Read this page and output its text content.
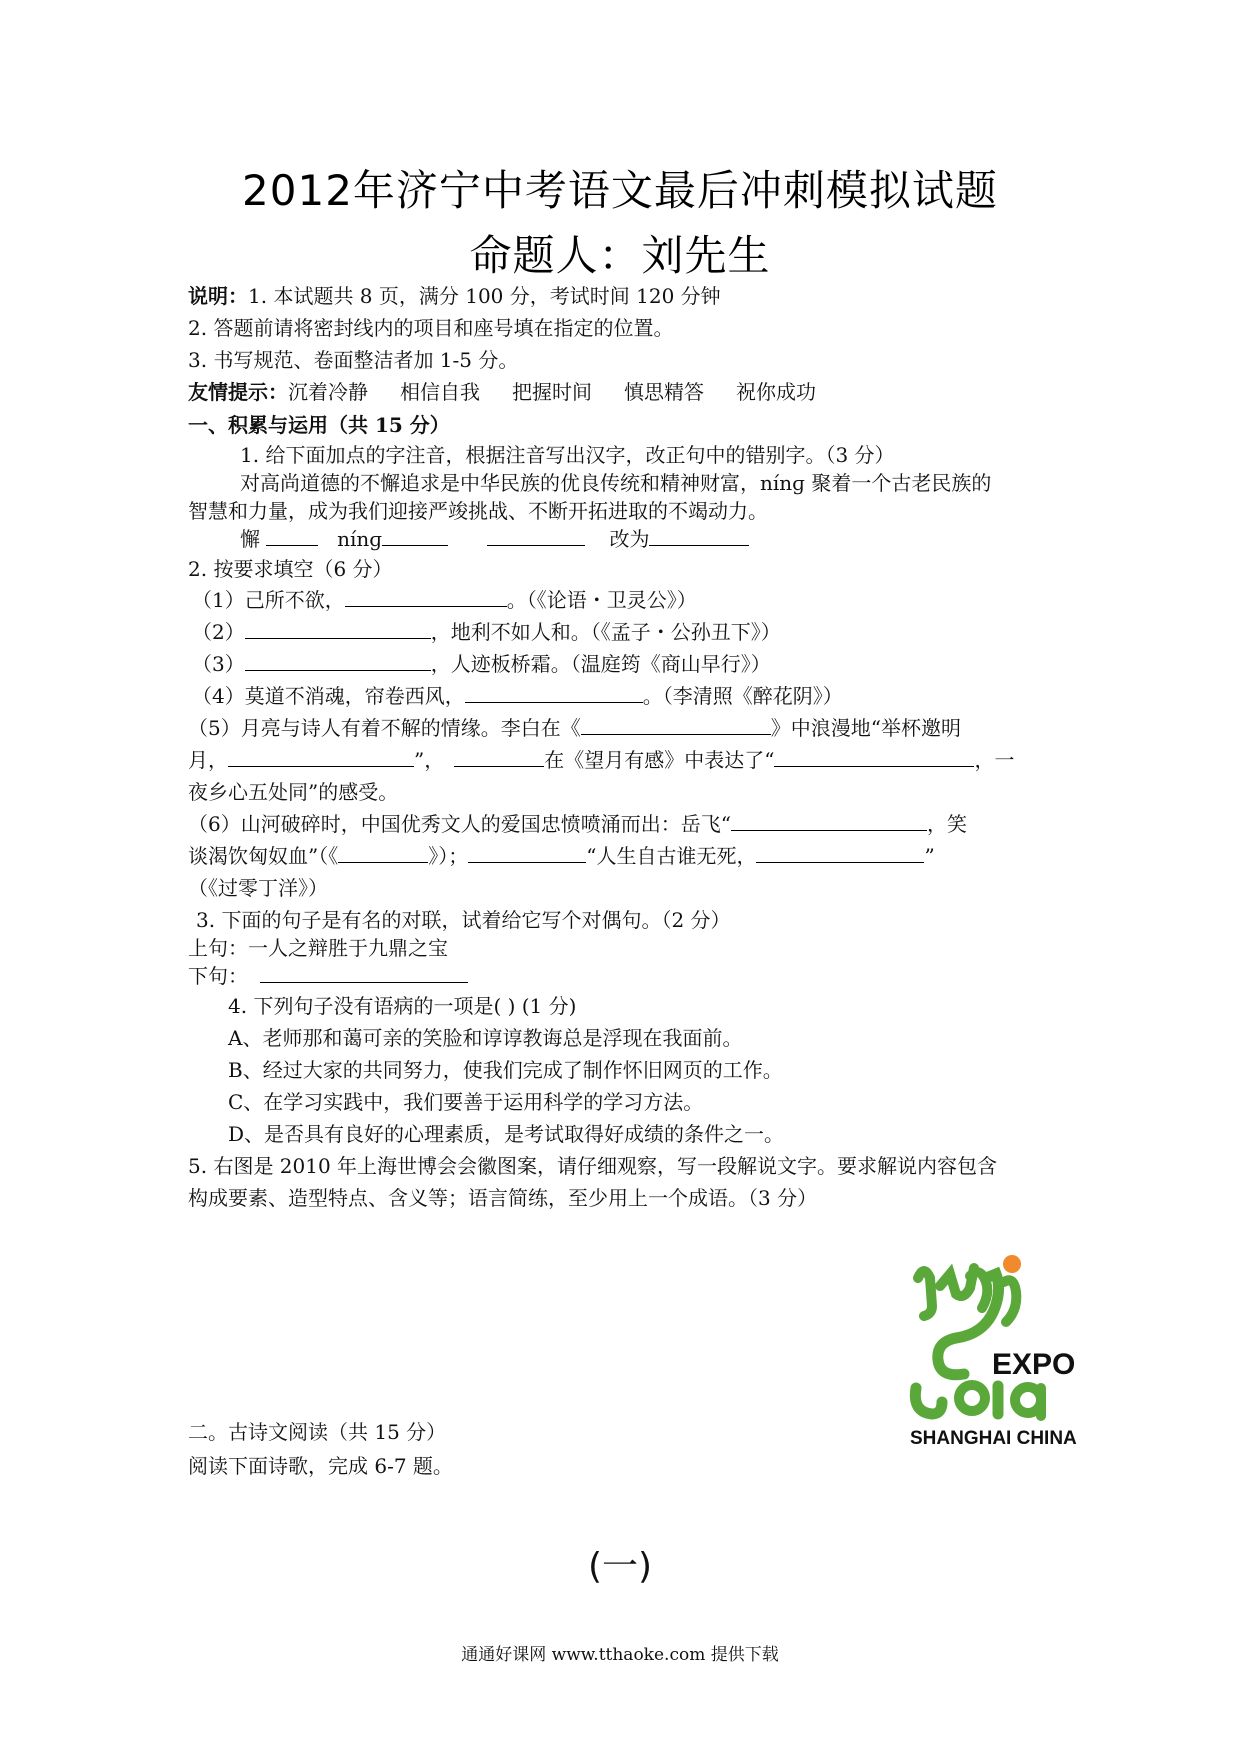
2012年济宁中考语文最后冲刺模拟试题
命题人：刘先生
说明：1. 本试题共 8 页，满分 100 分，考试时间 120 分钟
2. 答题前请将密封线内的项目和座号填在指定的位置。
3. 书写规范、卷面整洁者加 1-5 分。
友情提示：沉着冷静 相信自我 把握时间 慎思精答 祝你成功
一、积累与运用（共 15 分）
1. 给下面加点的字注音，根据注音写出汉字，改正句中的错别字。（3 分）
对高尚道德的不懈追求是中华民族的优良传统和精神财富，nínɡ 聚着一个古老民族的
智慧和力量，成为我们迎接严竣挑战、不断开拓进取的不竭动力。
懈	nínɡ	改为
2. 按要求填空（6 分）
（1）己所不欲，	。（《论语・卫灵公》）
（2）	，地利不如人和。（《孟子・公孙丑下》）
（3）	，人迹板桥霜。（温庭筠《商山早行》）
（4）莫道不消魂，帘卷西风，	。（李清照《醉花阴》）
（5）月亮与诗人有着不解的情缘。李白在《	》中浪漫地“举杯邀明
月，	”，	在《望月有感》中表达了“	，一
夜乡心五处同”的感受。
（6）山河破碎时，中国优秀文人的爱国忠愤喷涌而出：岳飞“	，笑
谈渴饮匈奴血”（《	》）；	“人生自古谁无死，	”
（《过零丁洋》）
3. 下面的句子是有名的对联，试着给它写个对偶句。（2 分）
上句：一人之辩胜于九鼎之宝
下句：
4. 下列句子没有语病的一项是( ) (1 分)
A、老师那和蔼可亲的笑脸和谆谆教诲总是浮现在我面前。
B、经过大家的共同努力，使我们完成了制作怀旧网页的工作。
C、在学习实践中，我们要善于运用科学的学习方法。
D、是否具有良好的心理素质，是考试取得好成绩的条件之一。
5. 右图是 2010 年上海世博会会徽图案，请仔细观察，写一段解说文字。要求解说内容包含
构成要素、造型特点、含义等；语言简练，至少用上一个成语。（3 分）
EXPO
SHANGHAI CHINA
二。古诗文阅读（共 15 分）
阅读下面诗歌，完成 6-7 题。
(一)
通通好课网 www.tthaoke.com 提供下载
